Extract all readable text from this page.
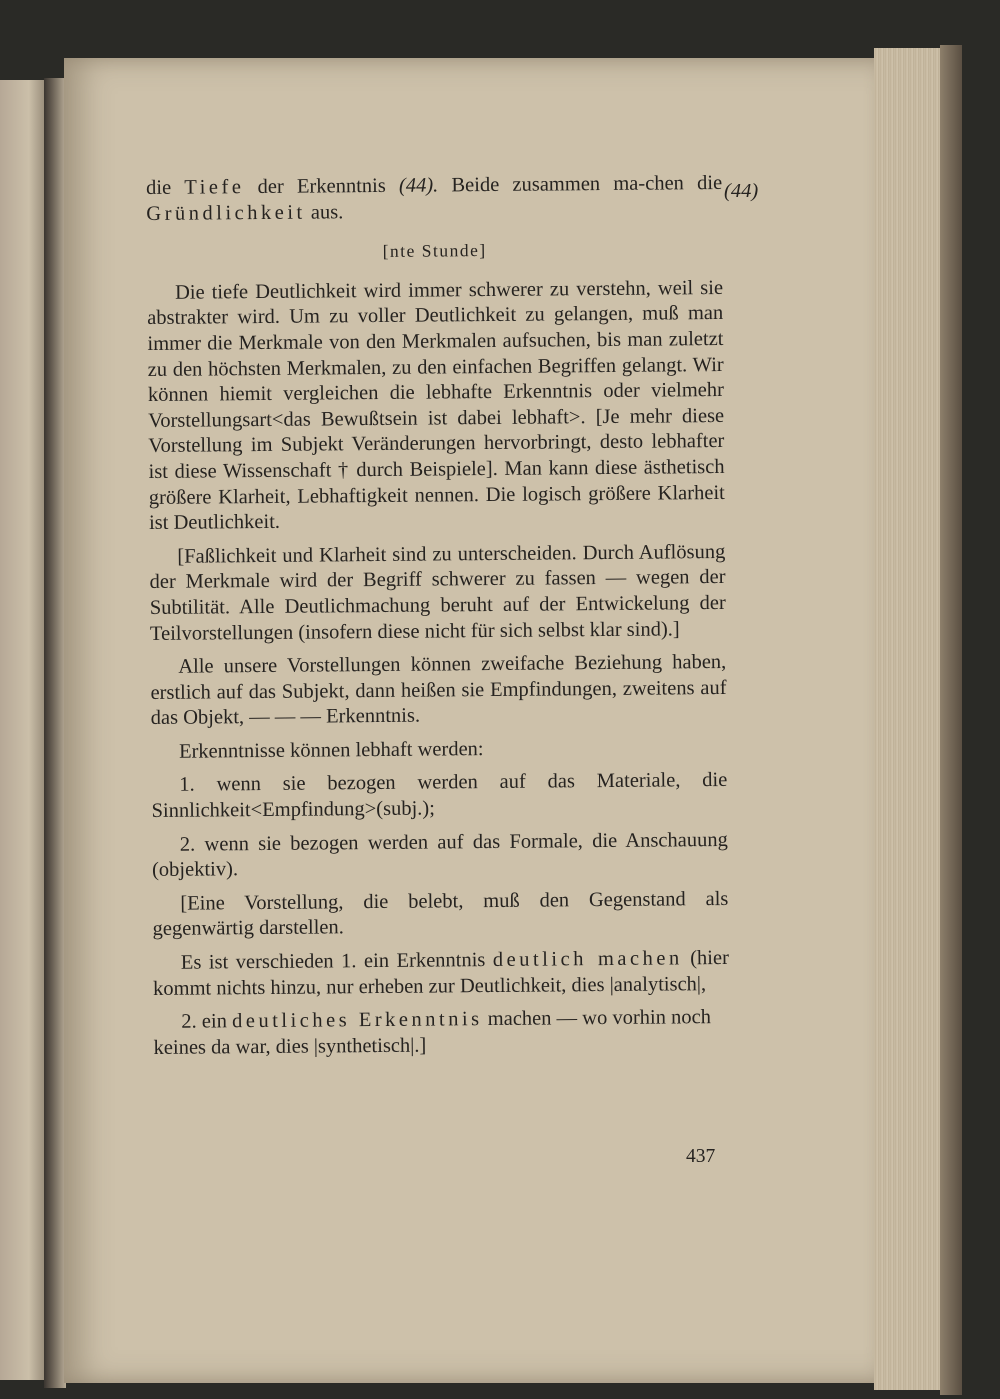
die Tiefe der Erkenntnis (44). Beide zusammen ma-chen die Gründlichkeit aus.

[nte Stunde]

Die tiefe Deutlichkeit wird immer schwerer zu verstehn, weil sie abstrakter wird. Um zu voller Deutlichkeit zu gelangen, muß man immer die Merkmale von den Merkmalen aufsuchen, bis man zuletzt zu den höchsten Merkmalen, zu den einfachen Begriffen gelangt. Wir können hiemit vergleichen die lebhafte Erkenntnis oder vielmehr Vorstellungsart<das Bewußtsein ist dabei lebhaft>. [Je mehr diese Vorstellung im Subjekt Veränderungen hervorbringt, desto lebhafter ist diese Wissenschaft † durch Beispiele]. Man kann diese ästhetisch größere Klarheit, Lebhaftigkeit nennen. Die logisch größere Klarheit ist Deutlichkeit.

[Faßlichkeit und Klarheit sind zu unterscheiden. Durch Auflösung der Merkmale wird der Begriff schwerer zu fassen — wegen der Subtilität. Alle Deutlichmachung beruht auf der Entwickelung der Teilvorstellungen (insofern diese nicht für sich selbst klar sind).]

Alle unsere Vorstellungen können zweifache Beziehung haben, erstlich auf das Subjekt, dann heißen sie Empfindungen, zweitens auf das Objekt, — — — Erkenntnis.

Erkenntnisse können lebhaft werden:

1. wenn sie bezogen werden auf das Materiale, die Sinnlichkeit<Empfindung>(subj.);

2. wenn sie bezogen werden auf das Formale, die Anschauung (objektiv).

[Eine Vorstellung, die belebt, muß den Gegenstand als gegenwärtig darstellen.

Es ist verschieden 1. ein Erkenntnis deutlich machen (hier kommt nichts hinzu, nur erheben zur Deutlichkeit, dies |analytisch|,

2. ein deutliches Erkenntnis machen — wo vorhin noch keines da war, dies |synthetisch|.]

(44)
437
